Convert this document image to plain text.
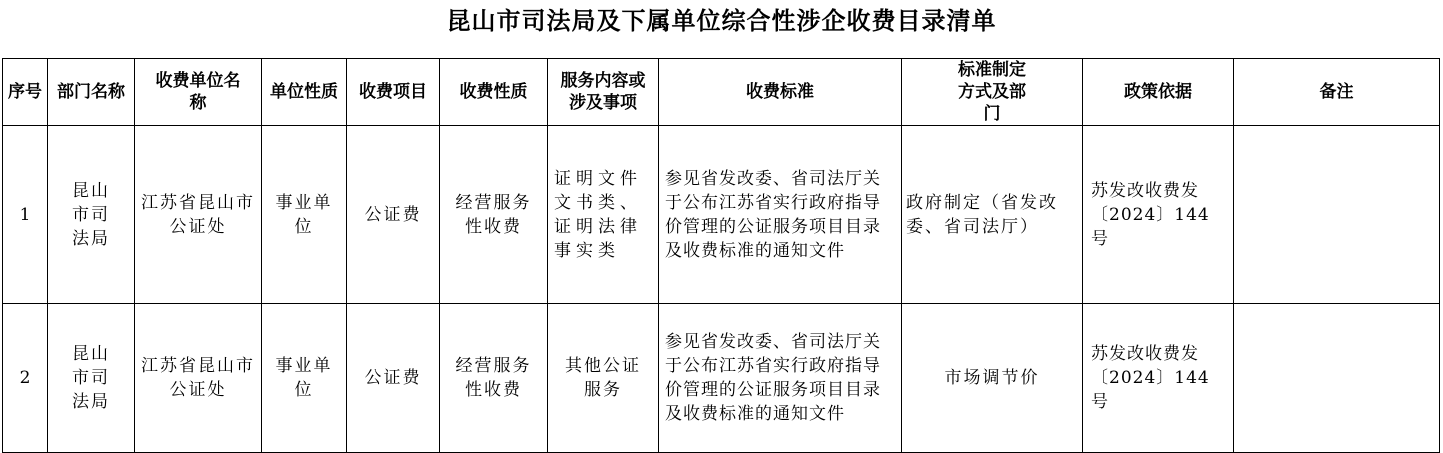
昆山市司法局及下属单位综合性涉企收费目录清单
序号	部门名称	收费单位名称	单位性质	收费项目	收费性质	服务内容或涉及事项	收费标准	标准制定方式及部门	政策依据	备注

1	昆山市司法局	江苏省昆山市公证处	事业单位	公证费	经营服务性收费	证明文件文书类、证明法律事实类	参见省发改委、省司法厅关于公布江苏省实行政府指导价管理的公证服务项目目录及收费标准的通知文件	政府制定（省发改委、省司法厅）	苏发改收费发〔2024〕144号	

2	昆山市司法局	江苏省昆山市公证处	事业单位	公证费	经营服务性收费	其他公证服务	参见省发改委、省司法厅关于公布江苏省实行政府指导价管理的公证服务项目目录及收费标准的通知文件	市场调节价	苏发改收费发〔2024〕144号	
